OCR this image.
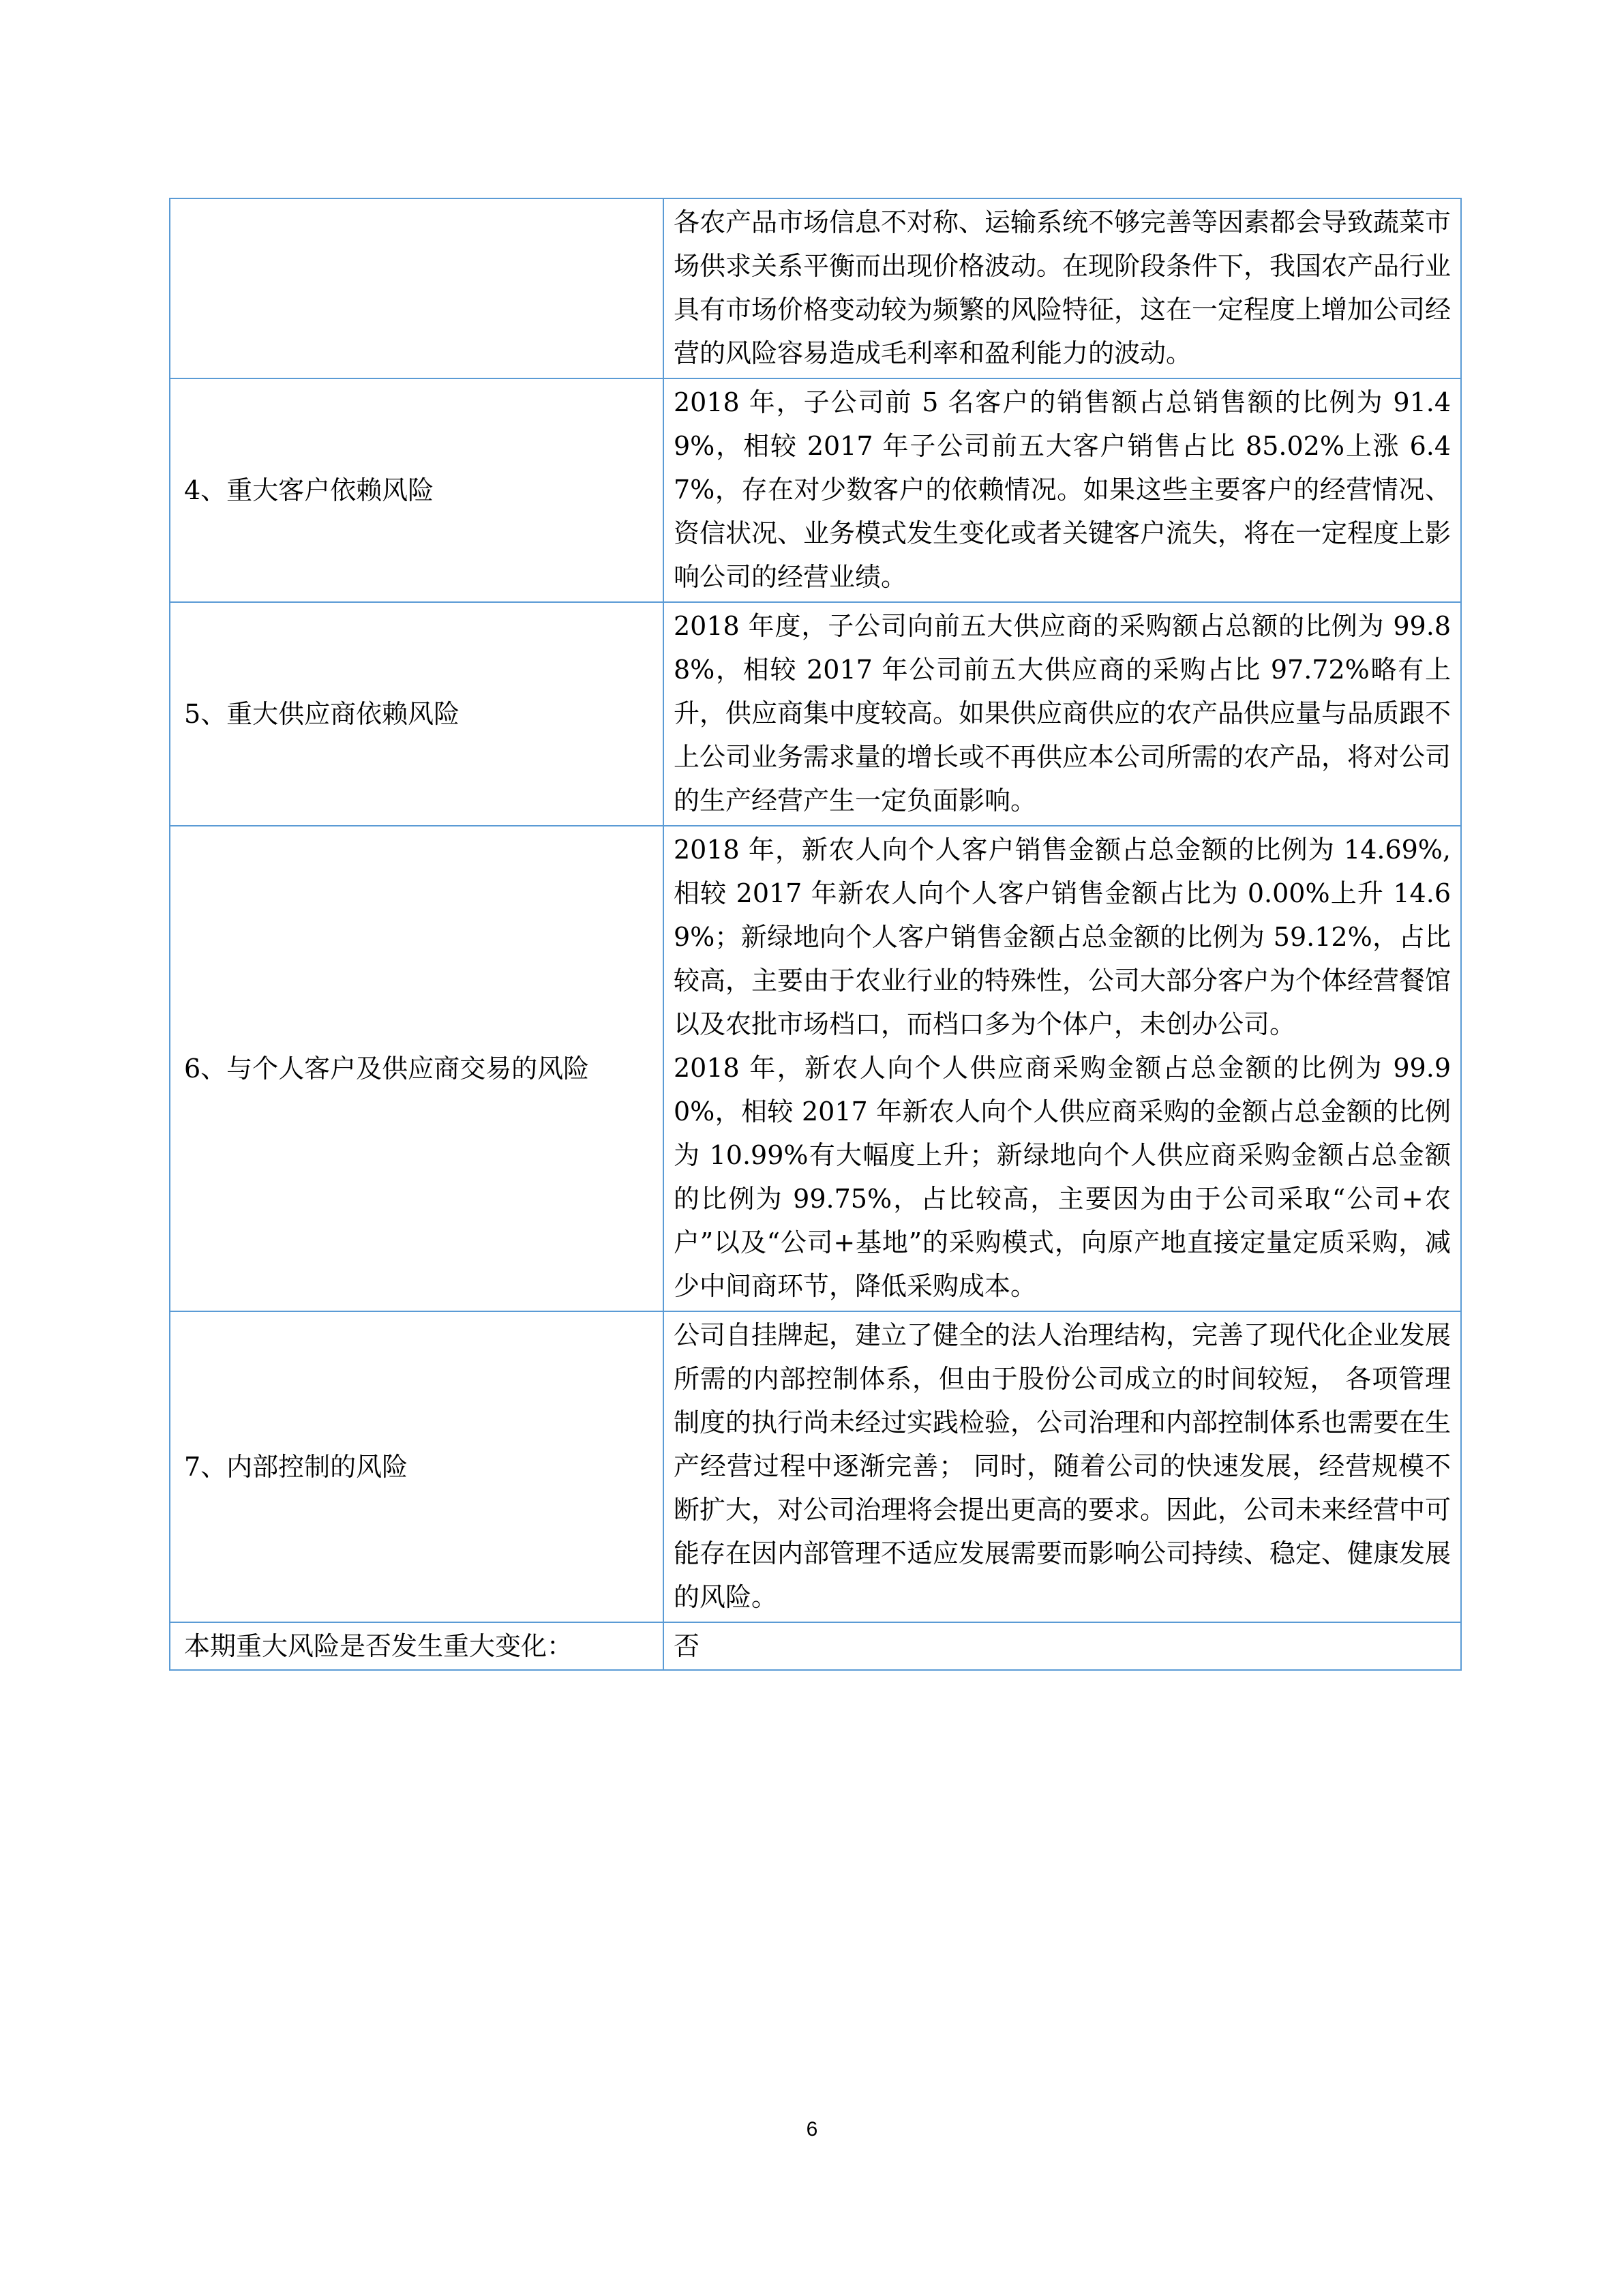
	各农产品市场信息不对称、运输系统不够完善等因素都会导致蔬菜市场供求关系平衡而出现价格波动。在现阶段条件下，我国农产品行业具有市场价格变动较为频繁的风险特征，这在一定程度上增加公司经营的风险容易造成毛利率和盈利能力的波动。

4、重大客户依赖风险	2018 年，子公司前 5 名客户的销售额占总销售额的比例为 91.49%，相较 2017 年子公司前五大客户销售占比 85.02%上涨 6.47%，存在对少数客户的依赖情况。如果这些主要客户的经营情况、资信状况、业务模式发生变化或者关键客户流失，将在一定程度上影响公司的经营业绩。

5、重大供应商依赖风险	2018 年度，子公司向前五大供应商的采购额占总额的比例为 99.88%，相较 2017 年公司前五大供应商的采购占比 97.72%略有上升，供应商集中度较高。如果供应商供应的农产品供应量与品质跟不上公司业务需求量的增长或不再供应本公司所需的农产品，将对公司的生产经营产生一定负面影响。

6、与个人客户及供应商交易的风险	2018 年，新农人向个人客户销售金额占总金额的比例为 14.69%,相较 2017 年新农人向个人客户销售金额占比为 0.00%上升 14.69%；新绿地向个人客户销售金额占总金额的比例为 59.12%，占比较高，主要由于农业行业的特殊性，公司大部分客户为个体经营餐馆以及农批市场档口，而档口多为个体户，未创办公司。

2018 年，新农人向个人供应商采购金额占总金额的比例为 99.90%，相较 2017 年新农人向个人供应商采购的金额占总金额的比例为 10.99%有大幅度上升；新绿地向个人供应商采购金额占总金额的比例为 99.75%，占比较高，主要因为由于公司采取“公司+农户”以及“公司+基地”的采购模式，向原产地直接定量定质采购，减少中间商环节，降低采购成本。

7、内部控制的风险	公司自挂牌起，建立了健全的法人治理结构，完善了现代化企业发展所需的内部控制体系，但由于股份公司成立的时间较短， 各项管理制度的执行尚未经过实践检验，公司治理和内部控制体系也需要在生产经营过程中逐渐完善； 同时，随着公司的快速发展，经营规模不断扩大，对公司治理将会提出更高的要求。因此，公司未来经营中可能存在因内部管理不适应发展需要而影响公司持续、稳定、健康发展的风险。

本期重大风险是否发生重大变化：	否
6
